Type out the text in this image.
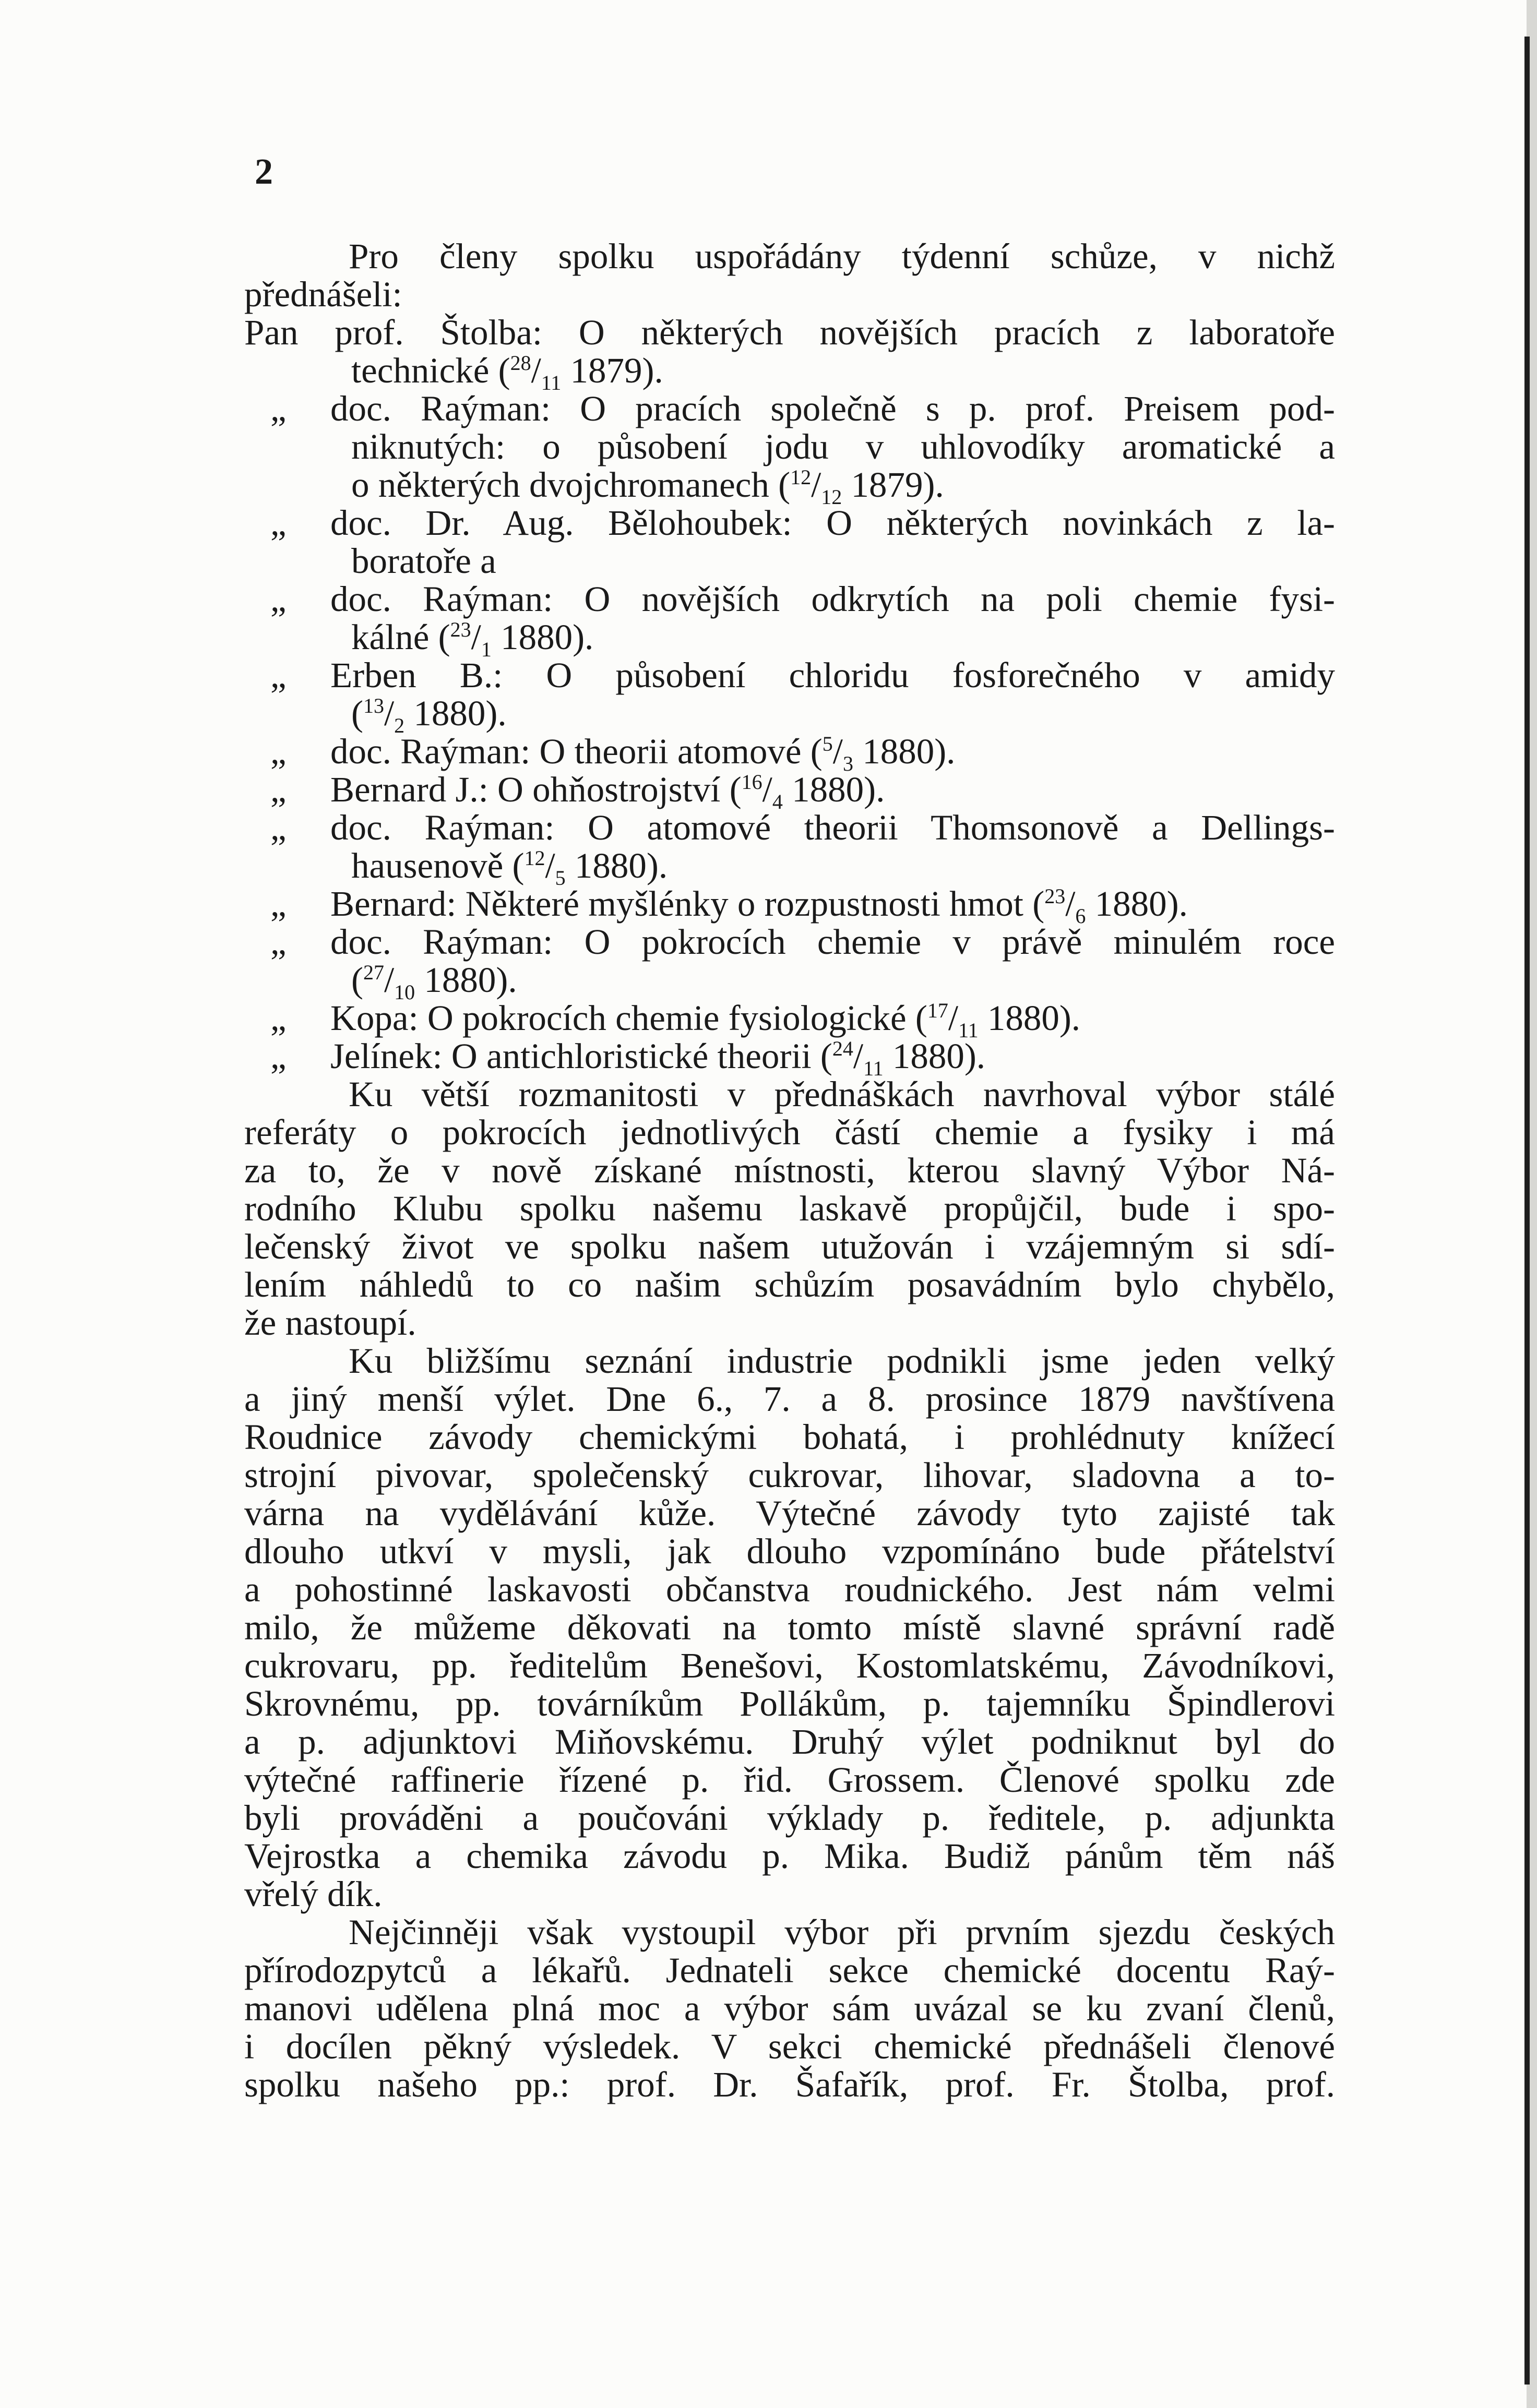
2
Pro členy spolku uspořádány týdenní schůze, v nichž
přednášeli:
Pan prof. Štolba: O některých novějších pracích z laboratoře
technické ($^{28}/_{11}$ 1879).
„ doc. Raýman: O pracích společně s p. prof. Preisem pod-
niknutých: o působení jodu v uhlovodíky aromatické a
o některých dvojchromanech ($^{12}/_{12}$ 1879).
„ doc. Dr. Aug. Bělohoubek: O některých novinkách z la-
boratoře a
„ doc. Raýman: O novějších odkrytích na poli chemie fysi-
kálné ($^{23}/_1$ 1880).
„ Erben B.: O působení chloridu fosforečného v amidy
($^{13}/_2$ 1880).
„ doc. Raýman: O theorii atomové ($^5/_3$ 1880).
„ Bernard J.: O ohňostrojství ($^{16}/_4$ 1880).
„ doc. Raýman: O atomové theorii Thomsonově a Dellings-
hausenově ($^{12}/_5$ 1880).
„ Bernard: Některé myšlénky o rozpustnosti hmot ($^{23}/_6$ 1880).
„ doc. Raýman: O pokrocích chemie v právě minulém roce
($^{27}/_{10}$ 1880).
„ Kopa: O pokrocích chemie fysiologické ($^{17}/_{11}$ 1880).
„ Jelínek: O antichloristické theorii ($^{24}/_{11}$ 1880).
Ku větší rozmanitosti v přednáškách navrhoval výbor stálé
referáty o pokrocích jednotlivých částí chemie a fysiky i má
za to, že v nově získané místnosti, kterou slavný Výbor Ná-
rodního Klubu spolku našemu laskavě propůjčil, bude i spo-
lečenský život ve spolku našem utužován i vzájemným si sdí-
lením náhledů to co našim schůzím posavádním bylo chybělo,
že nastoupí.
Ku bližšímu seznání industrie podnikli jsme jeden velký
a jiný menší výlet. Dne 6., 7. a 8. prosince 1879 navštívena
Roudnice závody chemickými bohatá, i prohlédnuty knížecí
strojní pivovar, společenský cukrovar, lihovar, sladovna a to-
várna na vydělávání kůže. Výtečné závody tyto zajisté tak
dlouho utkví v mysli, jak dlouho vzpomínáno bude přátelství
a pohostinné laskavosti občanstva roudnického. Jest nám velmi
milo, že můžeme děkovati na tomto místě slavné správní radě
cukrovaru, pp. ředitelům Benešovi, Kostomlatskému, Závodníkovi,
Skrovnému, pp. továrníkům Pollákům, p. tajemníku Špindlerovi
a p. adjunktovi Miňovskému. Druhý výlet podniknut byl do
výtečné raffinerie řízené p. řid. Grossem. Členové spolku zde
byli prováděni a poučováni výklady p. ředitele, p. adjunkta
Vejrostka a chemika závodu p. Mika. Budiž pánům těm náš
vřelý dík.
Nejčinněji však vystoupil výbor při prvním sjezdu českých
přírodozpytců a lékařů. Jednateli sekce chemické docentu Raý-
manovi udělena plná moc a výbor sám uvázal se ku zvaní členů,
i docílen pěkný výsledek. V sekci chemické přednášeli členové
spolku našeho pp.: prof. Dr. Šafařík, prof. Fr. Štolba, prof.
